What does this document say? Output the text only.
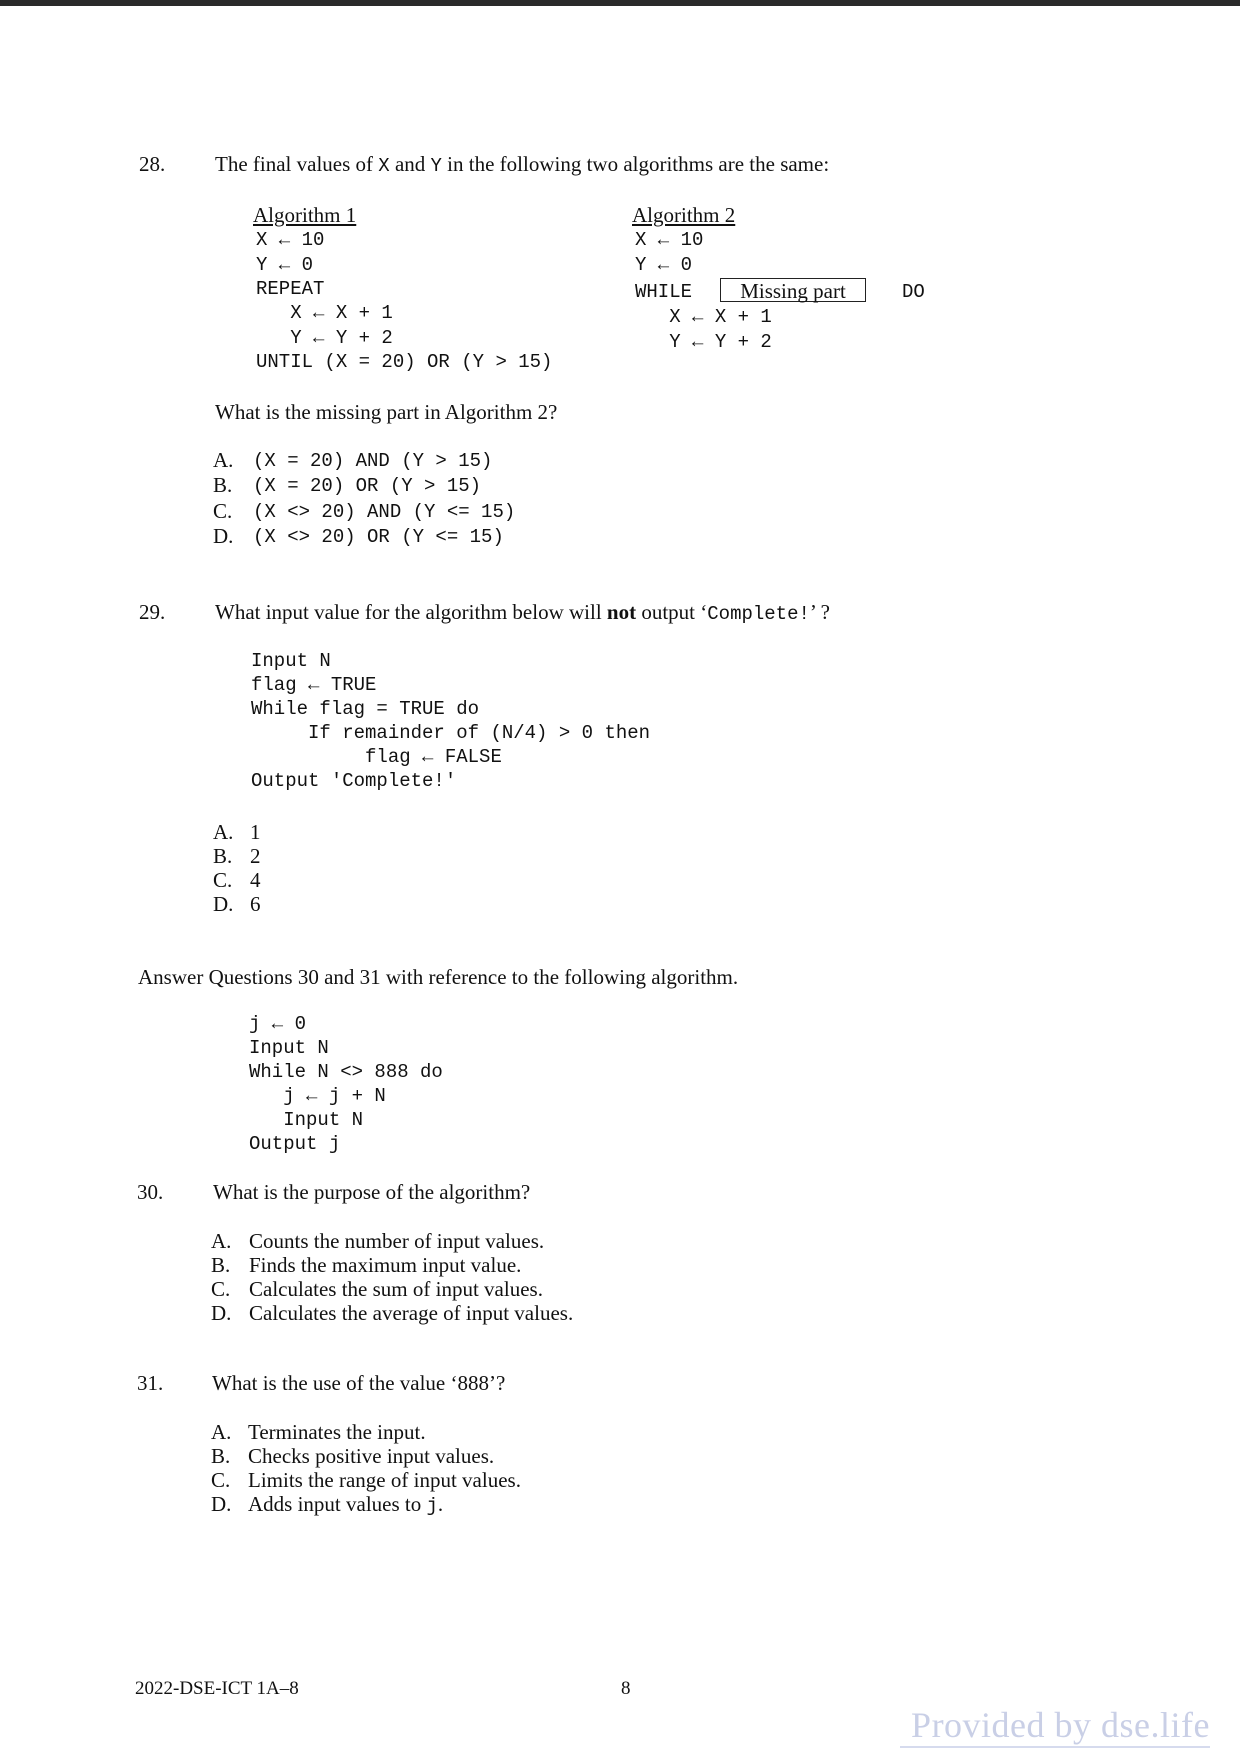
28. The final values of X and Y in the following two algorithms are the same:
Algorithm 1
X ← 10
Y ← 0
REPEAT
X ← X + 1
Y ← Y + 2
UNTIL (X = 20) OR (Y > 15)
Algorithm 2
X ← 10
Y ← 0
WHILE	Missing part	DO
X ← X + 1
Y ← Y + 2
What is the missing part in Algorithm 2?
A. (X = 20) AND (Y > 15)
B. (X = 20) OR (Y > 15)
C. (X <> 20) AND (Y <= 15)
D. (X <> 20) OR (Y <= 15)
29. What input value for the algorithm below will not output ‘Complete!’ ?
Input N
flag ← TRUE
While flag = TRUE do
If remainder of (N/4) > 0 then
flag ← FALSE
Output 'Complete!'
A. 1
B. 2
C. 4
D. 6
Answer Questions 30 and 31 with reference to the following algorithm.
j ← 0
Input N
While N <> 888 do
j ← j + N
Input N
Output j
30. What is the purpose of the algorithm?
A. Counts the number of input values.
B. Finds the maximum input value.
C. Calculates the sum of input values.
D. Calculates the average of input values.
31. What is the use of the value ‘888’?
A. Terminates the input.
B. Checks positive input values.
C. Limits the range of input values.
D. Adds input values to j.
2022-DSE-ICT 1A–8	8
Provided by dse.life
